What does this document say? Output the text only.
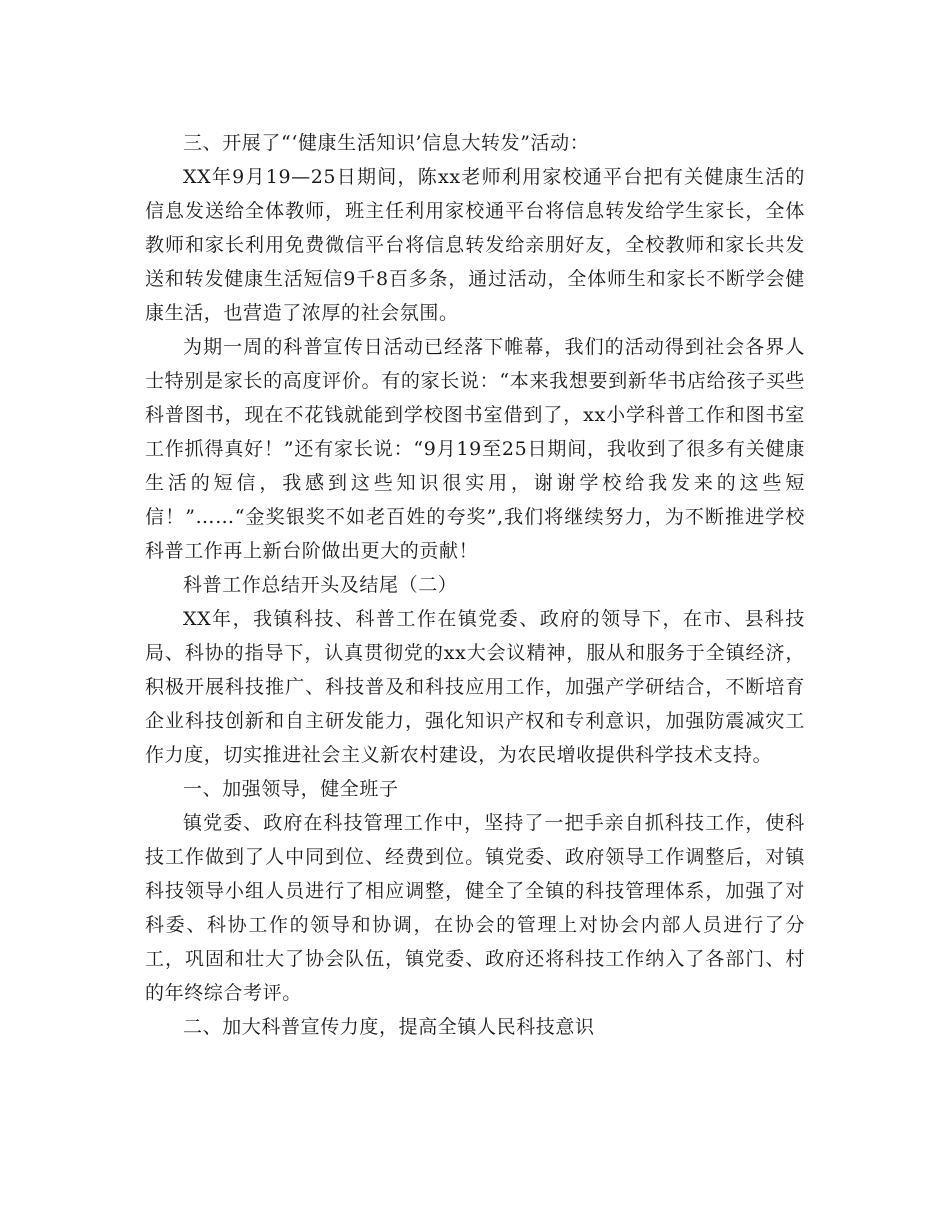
三、开展了“‘健康生活知识’信息大转发”活动：

XX年9月19—25日期间，陈xx老师利用家校通平台把有关健康生活的信息发送给全体教师，班主任利用家校通平台将信息转发给学生家长，全体教师和家长利用免费微信平台将信息转发给亲朋好友，全校教师和家长共发送和转发健康生活短信9千8百多条，通过活动，全体师生和家长不断学会健康生活，也营造了浓厚的社会氛围。

为期一周的科普宣传日活动已经落下帷幕，我们的活动得到社会各界人士特别是家长的高度评价。有的家长说：“本来我想要到新华书店给孩子买些科普图书，现在不花钱就能到学校图书室借到了，xx小学科普工作和图书室工作抓得真好！”还有家长说：“9月19至25日期间，我收到了很多有关健康生活的短信，我感到这些知识很实用，谢谢学校给我发来的这些短信！”……“金奖银奖不如老百姓的夸奖”,我们将继续努力，为不断推进学校科普工作再上新台阶做出更大的贡献！

科普工作总结开头及结尾（二）

XX年，我镇科技、科普工作在镇党委、政府的领导下，在市、县科技局、科协的指导下，认真贯彻党的xx大会议精神，服从和服务于全镇经济，积极开展科技推广、科技普及和科技应用工作，加强产学研结合，不断培育企业科技创新和自主研发能力，强化知识产权和专利意识，加强防震减灾工作力度，切实推进社会主义新农村建设，为农民增收提供科学技术支持。

一、加强领导，健全班子

镇党委、政府在科技管理工作中，坚持了一把手亲自抓科技工作，使科技工作做到了人中同到位、经费到位。镇党委、政府领导工作调整后，对镇科技领导小组人员进行了相应调整，健全了全镇的科技管理体系，加强了对科委、科协工作的领导和协调，在协会的管理上对协会内部人员进行了分工，巩固和壮大了协会队伍，镇党委、政府还将科技工作纳入了各部门、村的年终综合考评。

二、加大科普宣传力度，提高全镇人民科技意识
